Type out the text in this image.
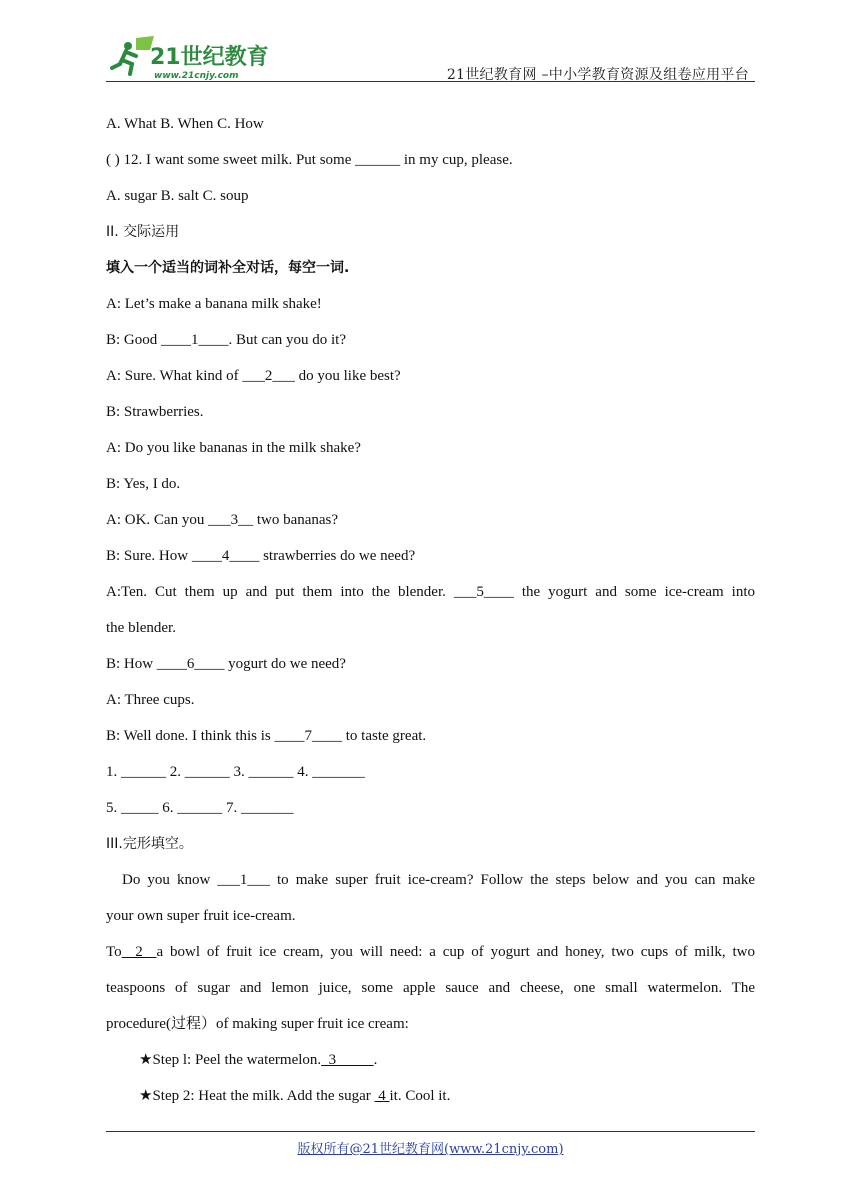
21世纪教育
www.21cnjy.com	21世纪教育网 –中小学教育资源及组卷应用平台
A. What B. When C. How
( ) 12. I want some sweet milk. Put some ______ in my cup, please.
A. sugar B. salt C. soup
II. 交际运用
填入一个适当的词补全对话，每空一词.
A: Let’s make a banana milk shake!
B: Good ____1____. But can you do it?
A: Sure. What kind of ___2___ do you like best?
B: Strawberries.
A: Do you like bananas in the milk shake?
B: Yes, I do.
A: OK. Can you ___3__ two bananas?
B: Sure. How ____4____ strawberries do we need?
A:Ten. Cut them up and put them into the blender. ___5____ the yogurt and some ice-cream into
the blender.
B: How ____6____ yogurt do we need?
A: Three cups.
B: Well done. I think this is ____7____ to taste great.
1. ______ 2. ______ 3. ______ 4. _______
5. _____ 6. ______ 7. _______
III.完形填空。
Do you know ___1___ to make super fruit ice-cream? Follow the steps below and you can make
your own super fruit ice-cream.
To  2  a bowl of fruit ice cream, you will need: a cup of yogurt and honey, two cups of milk, two
teaspoons of sugar and lemon juice, some apple sauce and cheese, one small watermelon. The
procedure(过程）of making super fruit ice cream:
★Step l: Peel the watermelon.  3          .
★Step 2: Heat the milk. Add the sugar  4 it. Cool it.
版权所有@21世纪教育网(www.21cnjy.com)
